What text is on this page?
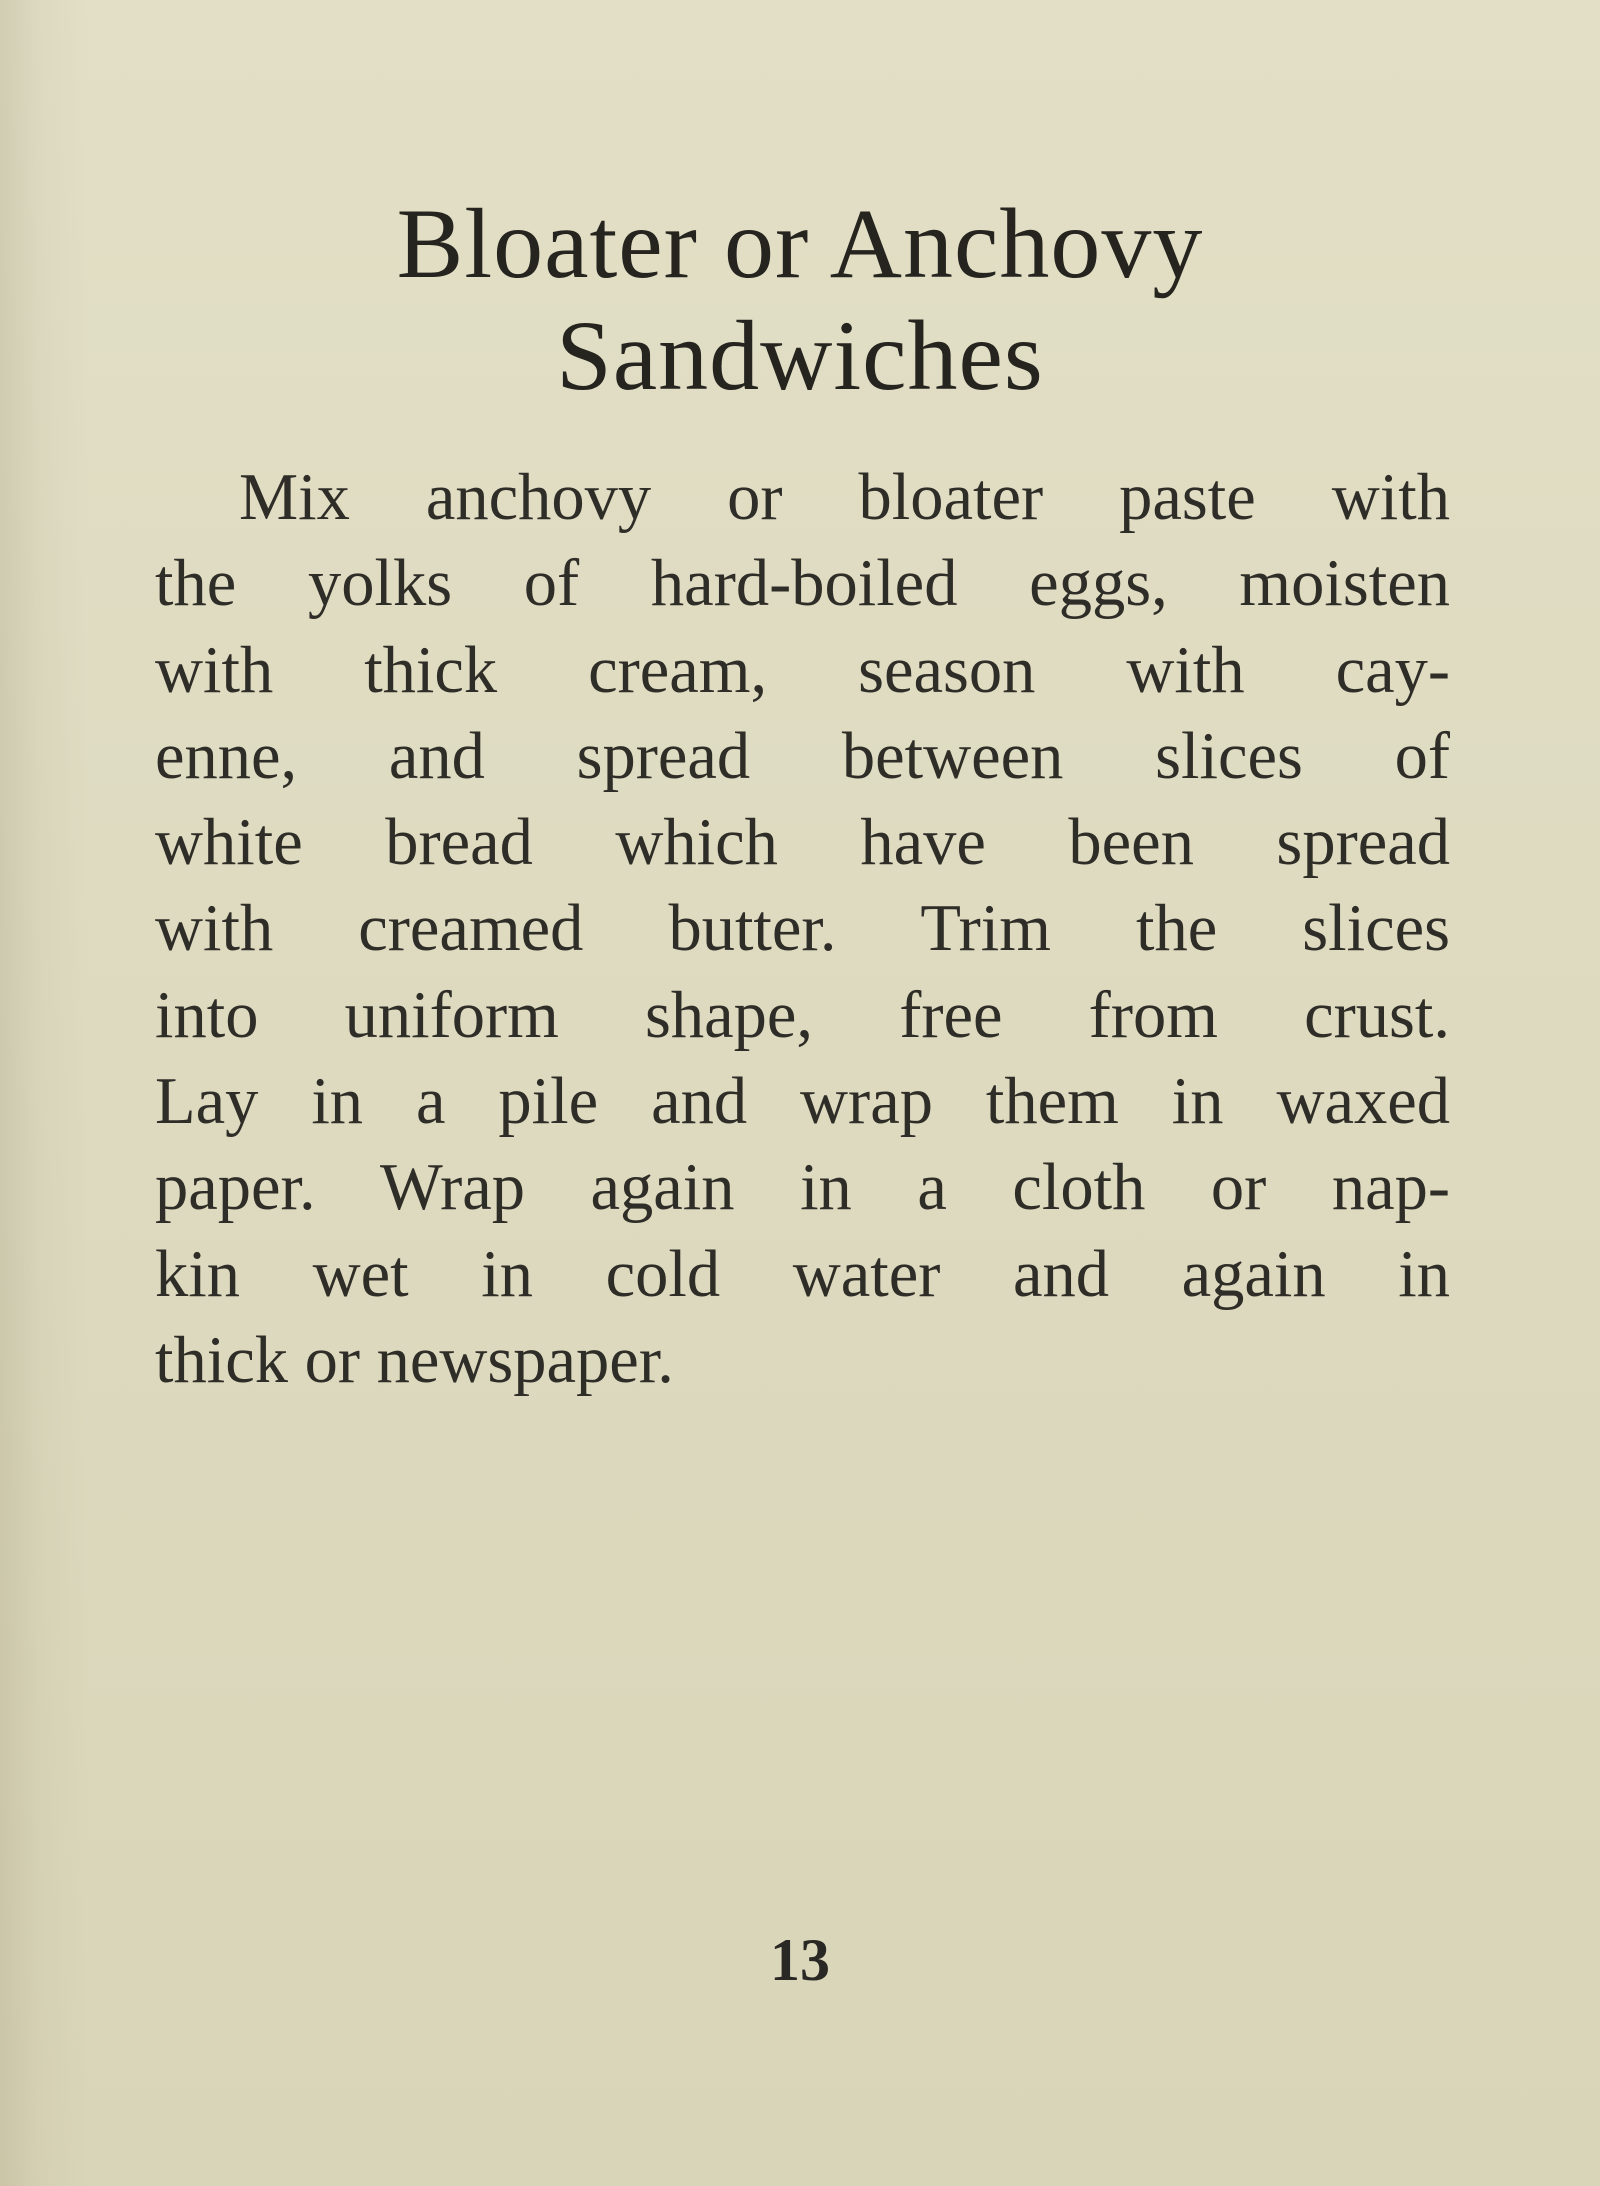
Bloater or Anchovy
Sandwiches
Mix anchovy or bloater paste with
the yolks of hard-boiled eggs, moisten
with thick cream, season with cay-
enne, and spread between slices of
white bread which have been spread
with creamed butter. Trim the slices
into uniform shape, free from crust.
Lay in a pile and wrap them in waxed
paper. Wrap again in a cloth or nap-
kin wet in cold water and again in
thick or newspaper.
13
